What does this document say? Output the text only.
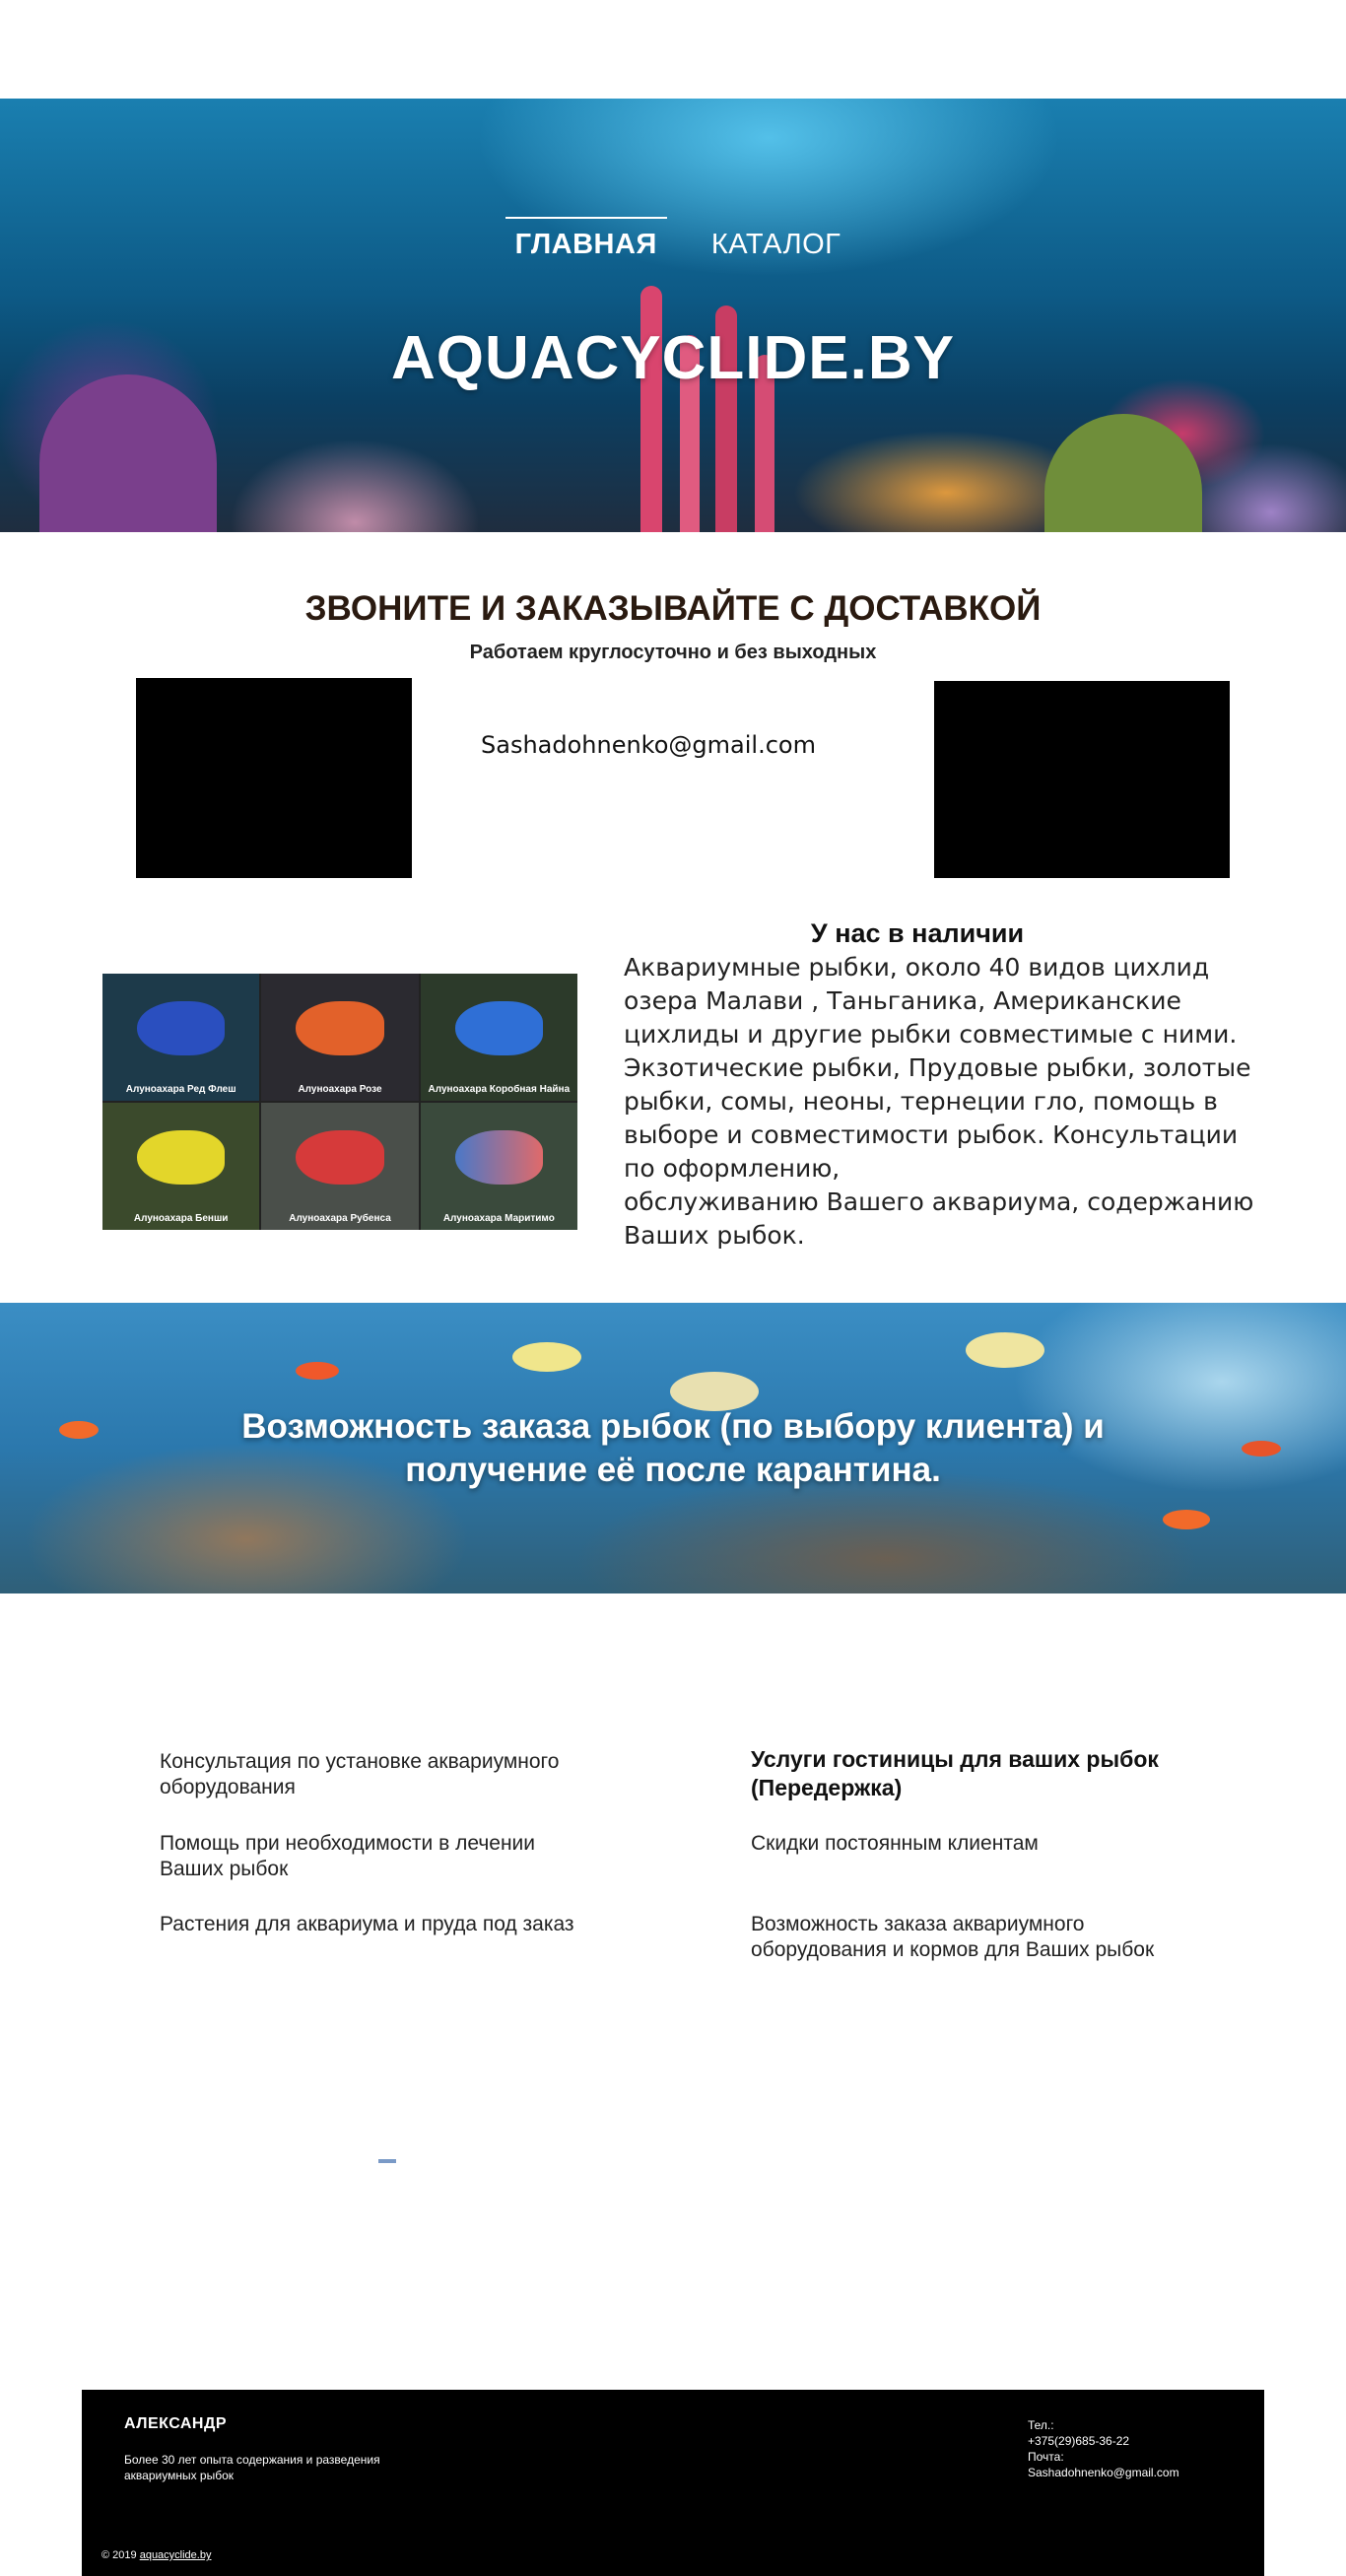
ГЛАВНАЯ КАТАЛОГ
AQUACYCLIDE.BY
ЗВОНИТЕ И ЗАКАЗЫВАЙТЕ С ДОСТАВКОЙ
Работаем круглосуточно и без выходных
Sashadohnenko@gmail.com
Алуноахара Ред Флеш	Алуноахара Розе	Алуноахара Коробная Найна
Алуноахара Бенши	Алуноахара Рубенса	Алуноахара Маритимо
У нас в наличии

Аквариумные рыбки, около 40 видов цихлид озера Малави , Таньганика, Американские цихлиды и другие рыбки совместимые с ними. Экзотические рыбки, Прудовые рыбки, золотые рыбки, сомы, неоны, тернеции гло, помощь в выборе и совместимости рыбок. Консультации по оформлению,
обслуживанию Вашего аквариума, содержанию Ваших рыбок.

Возможность заказа рыбок (по выбору клиента) и получение её после карантина.
Консультация по установке аквариумного оборудования
Помощь при необходимости в лечении Ваших рыбок
Растения для аквариума и пруда под заказ
Услуги гостиницы для ваших рыбок (Передержка)
Скидки постоянным клиентам
Возможность заказа аквариумного оборудования и кормов для Ваших рыбок
АЛЕКСАНДР
Более 30 лет опыта содержания и разведения аквариумных рыбок
Тел.:
+375(29)685-36-22
Почта:
Sashadohnenko@gmail.com
© 2019 aquacyclide.by
